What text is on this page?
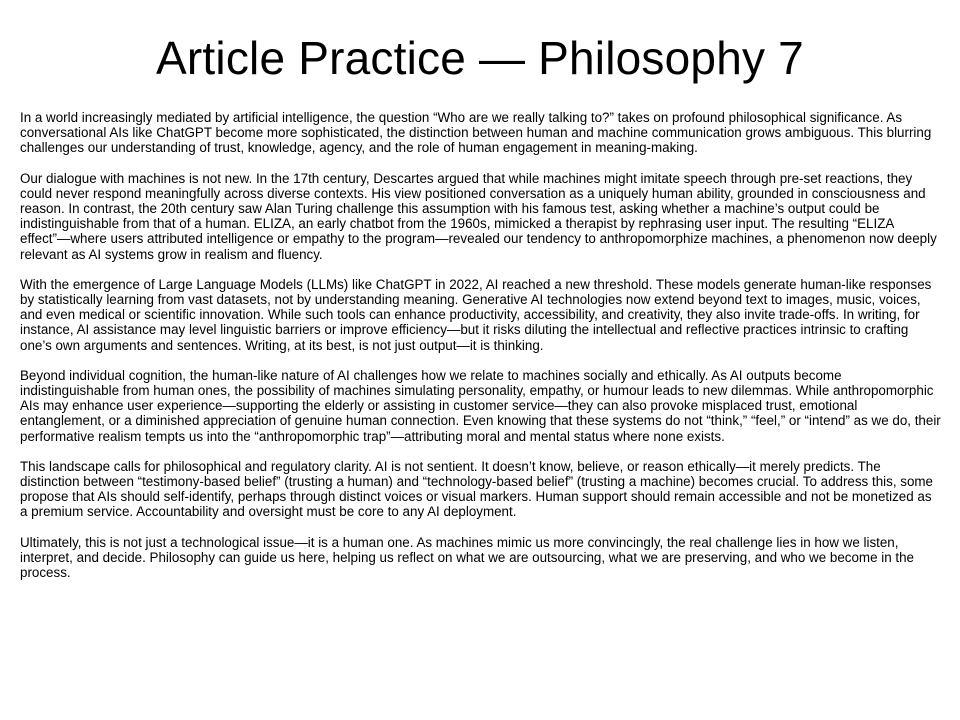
Article Practice — Philosophy 7

In a world increasingly mediated by artificial intelligence, the question “Who are we really talking to?” takes on profound philosophical significance. As conversational AIs like ChatGPT become more sophisticated, the distinction between human and machine communication grows ambiguous. This blurring challenges our understanding of trust, knowledge, agency, and the role of human engagement in meaning-making.

Our dialogue with machines is not new. In the 17th century, Descartes argued that while machines might imitate speech through pre-set reactions, they could never respond meaningfully across diverse contexts. His view positioned conversation as a uniquely human ability, grounded in consciousness and reason. In contrast, the 20th century saw Alan Turing challenge this assumption with his famous test, asking whether a machine’s output could be indistinguishable from that of a human. ELIZA, an early chatbot from the 1960s, mimicked a therapist by rephrasing user input. The resulting “ELIZA effect”—where users attributed intelligence or empathy to the program—revealed our tendency to anthropomorphize machines, a phenomenon now deeply relevant as AI systems grow in realism and fluency.

With the emergence of Large Language Models (LLMs) like ChatGPT in 2022, AI reached a new threshold. These models generate human-like responses by statistically learning from vast datasets, not by understanding meaning. Generative AI technologies now extend beyond text to images, music, voices, and even medical or scientific innovation. While such tools can enhance productivity, accessibility, and creativity, they also invite trade-offs. In writing, for instance, AI assistance may level linguistic barriers or improve efficiency—but it risks diluting the intellectual and reflective practices intrinsic to crafting one’s own arguments and sentences. Writing, at its best, is not just output—it is thinking.

Beyond individual cognition, the human-like nature of AI challenges how we relate to machines socially and ethically. As AI outputs become indistinguishable from human ones, the possibility of machines simulating personality, empathy, or humour leads to new dilemmas. While anthropomorphic AIs may enhance user experience—supporting the elderly or assisting in customer service—they can also provoke misplaced trust, emotional entanglement, or a diminished appreciation of genuine human connection. Even knowing that these systems do not “think,” “feel,” or “intend” as we do, their performative realism tempts us into the “anthropomorphic trap”—attributing moral and mental status where none exists.

This landscape calls for philosophical and regulatory clarity. AI is not sentient. It doesn’t know, believe, or reason ethically—it merely predicts. The distinction between “testimony-based belief” (trusting a human) and “technology-based belief” (trusting a machine) becomes crucial. To address this, some propose that AIs should self-identify, perhaps through distinct voices or visual markers. Human support should remain accessible and not be monetized as a premium service. Accountability and oversight must be core to any AI deployment.

Ultimately, this is not just a technological issue—it is a human one. As machines mimic us more convincingly, the real challenge lies in how we listen, interpret, and decide. Philosophy can guide us here, helping us reflect on what we are outsourcing, what we are preserving, and who we become in the process.
